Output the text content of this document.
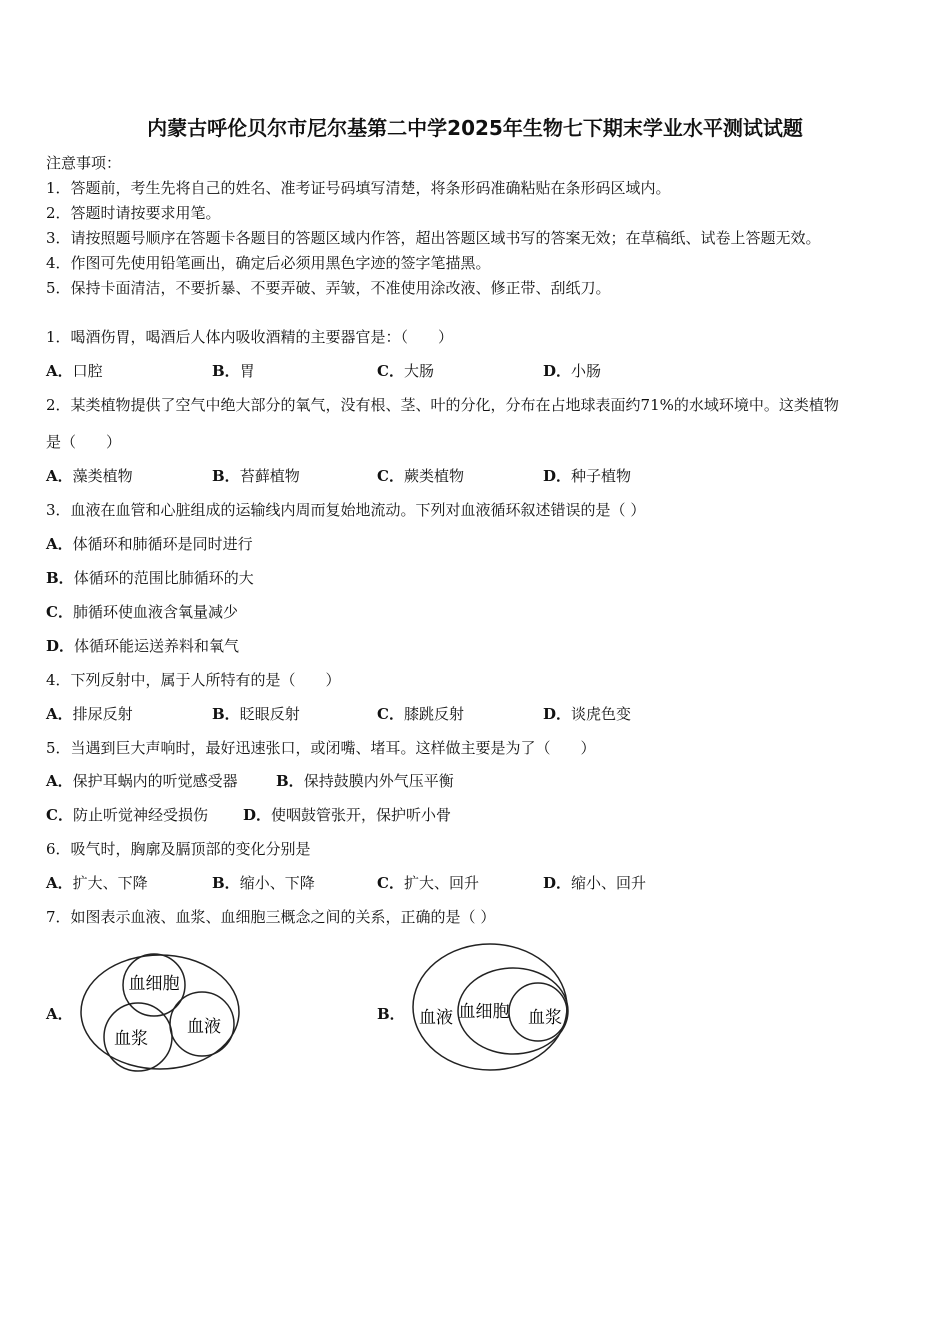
内蒙古呼伦贝尔市尼尔基第二中学2025年生物七下期末学业水平测试试题
注意事项：
1．答题前，考生先将自己的姓名、准考证号码填写清楚，将条形码准确粘贴在条形码区域内。
2．答题时请按要求用笔。
3．请按照题号顺序在答题卡各题目的答题区域内作答，超出答题区域书写的答案无效；在草稿纸、试卷上答题无效。
4．作图可先使用铅笔画出，确定后必须用黑色字迹的签字笔描黑。
5．保持卡面清洁，不要折暴、不要弄破、弄皱，不准使用涂改液、修正带、刮纸刀。
1．喝酒伤胃，喝酒后人体内吸收酒精的主要器官是：（　　）
A．口腔	B．胃	C．大肠	D．小肠
2．某类植物提供了空气中绝大部分的氧气，没有根、茎、叶的分化，分布在占地球表面约71%的水域环境中。这类植物
是（　　）
A．藻类植物	B．苔藓植物	C．蕨类植物	D．种子植物
3．血液在血管和心脏组成的运输线内周而复始地流动。下列对血液循环叙述错误的是（ ）
A．体循环和肺循环是同时进行
B．体循环的范围比肺循环的大
C．肺循环使血液含氧量减少
D．体循环能运送养料和氧气
4．下列反射中，属于人所特有的是（　　）
A．排尿反射	B．眨眼反射	C．膝跳反射	D．谈虎色变
5．当遇到巨大声响时，最好迅速张口，或闭嘴、堵耳。这样做主要是为了（　　）
A．保护耳蜗内的听觉感受器	B．保持鼓膜内外气压平衡
C．防止听觉神经受损伤 D．使咽鼓管张开，保护听小骨
6．吸气时，胸廓及膈顶部的变化分别是
A．扩大、下降	B．缩小、下降	C．扩大、回升	D．缩小、回升
7．如图表示血液、血浆、血细胞三概念之间的关系，正确的是（ ）
A．
血细胞
血浆
血液
B． 血液 血细胞 血浆
